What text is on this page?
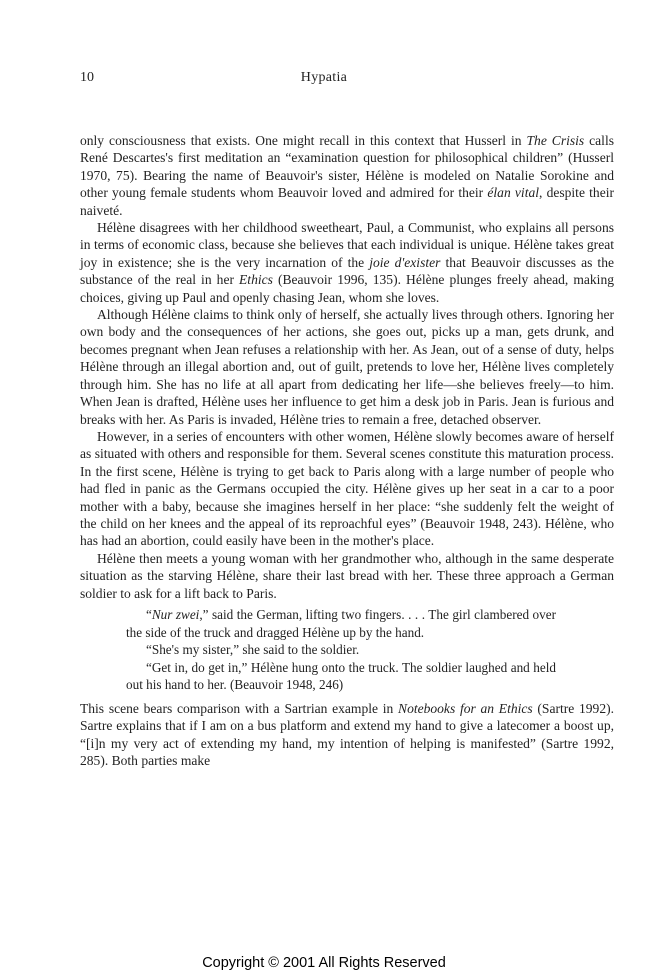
10	Hypatia

only consciousness that exists. One might recall in this context that Husserl in The Crisis calls René Descartes's first meditation an “examination question for philosophical children” (Husserl 1970, 75). Bearing the name of Beauvoir's sister, Hélène is modeled on Natalie Sorokine and other young female students whom Beauvoir loved and admired for their élan vital, despite their naiveté.

Hélène disagrees with her childhood sweetheart, Paul, a Communist, who explains all persons in terms of economic class, because she believes that each individual is unique. Hélène takes great joy in existence; she is the very incarnation of the joie d'exister that Beauvoir discusses as the substance of the real in her Ethics (Beauvoir 1996, 135). Hélène plunges freely ahead, making choices, giving up Paul and openly chasing Jean, whom she loves.

Although Hélène claims to think only of herself, she actually lives through others. Ignoring her own body and the consequences of her actions, she goes out, picks up a man, gets drunk, and becomes pregnant when Jean refuses a relationship with her. As Jean, out of a sense of duty, helps Hélène through an illegal abortion and, out of guilt, pretends to love her, Hélène lives completely through him. She has no life at all apart from dedicating her life—she believes freely—to him. When Jean is drafted, Hélène uses her influence to get him a desk job in Paris. Jean is furious and breaks with her. As Paris is invaded, Hélène tries to remain a free, detached observer.

However, in a series of encounters with other women, Hélène slowly becomes aware of herself as situated with others and responsible for them. Several scenes constitute this maturation process. In the first scene, Hélène is trying to get back to Paris along with a large number of people who had fled in panic as the Germans occupied the city. Hélène gives up her seat in a car to a poor mother with a baby, because she imagines herself in her place: “she suddenly felt the weight of the child on her knees and the appeal of its reproachful eyes” (Beauvoir 1948, 243). Hélène, who has had an abortion, could easily have been in the mother's place.

Hélène then meets a young woman with her grandmother who, although in the same desperate situation as the starving Hélène, share their last bread with her. These three approach a German soldier to ask for a lift back to Paris.

“Nur zwei,” said the German, lifting two fingers. . . . The girl clambered over the side of the truck and dragged Hélène up by the hand.

“She's my sister,” she said to the soldier.

“Get in, do get in,” Hélène hung onto the truck. The soldier laughed and held out his hand to her. (Beauvoir 1948, 246)

This scene bears comparison with a Sartrian example in Notebooks for an Ethics (Sartre 1992). Sartre explains that if I am on a bus platform and extend my hand to give a latecomer a boost up, “[i]n my very act of extending my hand, my intention of helping is manifested” (Sartre 1992, 285). Both parties make

Copyright © 2001 All Rights Reserved
